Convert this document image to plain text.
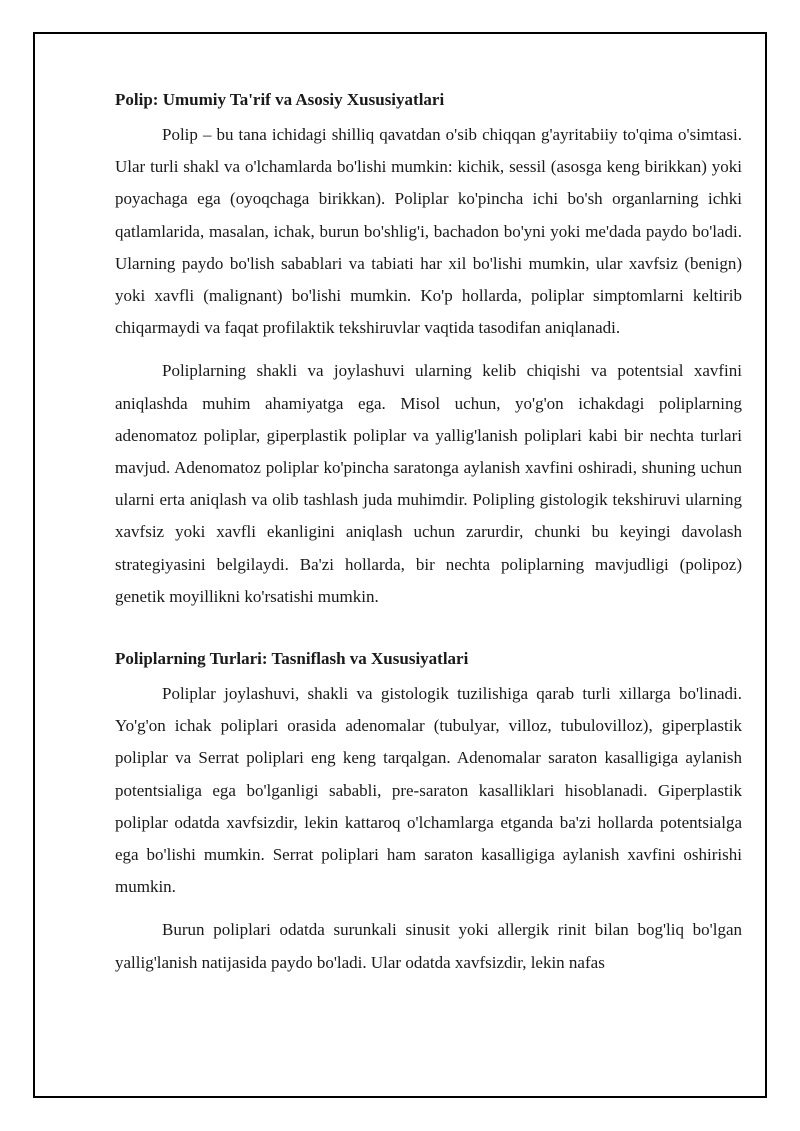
Polip: Umumiy Ta'rif va Asosiy Xususiyatlari

Polip – bu tana ichidagi shilliq qavatdan o'sib chiqqan g'ayritabiiy to'qima o'simtasi. Ular turli shakl va o'lchamlarda bo'lishi mumkin: kichik, sessil (asosga keng birikkan) yoki poyachaga ega (oyoqchaga birikkan). Poliplar ko'pincha ichi bo'sh organlarning ichki qatlamlarida, masalan, ichak, burun bo'shlig'i, bachadon bo'yni yoki me'dada paydo bo'ladi. Ularning paydo bo'lish sabablari va tabiati har xil bo'lishi mumkin, ular xavfsiz (benign) yoki xavfli (malignant) bo'lishi mumkin. Ko'p hollarda, poliplar simptomlarni keltirib chiqarmaydi va faqat profilaktik tekshiruvlar vaqtida tasodifan aniqlanadi.

Poliplarning shakli va joylashuvi ularning kelib chiqishi va potentsial xavfini aniqlashda muhim ahamiyatga ega. Misol uchun, yo'g'on ichakdagi poliplarning adenomatoz poliplar, giperplastik poliplar va yallig'lanish poliplari kabi bir nechta turlari mavjud. Adenomatoz poliplar ko'pincha saratonga aylanish xavfini oshiradi, shuning uchun ularni erta aniqlash va olib tashlash juda muhimdir. Polipling gistologik tekshiruvi ularning xavfsiz yoki xavfli ekanligini aniqlash uchun zarurdir, chunki bu keyingi davolash strategiyasini belgilaydi. Ba'zi hollarda, bir nechta poliplarning mavjudligi (polipoz) genetik moyillikni ko'rsatishi mumkin.

Poliplarning Turlari: Tasniflash va Xususiyatlari

Poliplar joylashuvi, shakli va gistologik tuzilishiga qarab turli xillarga bo'linadi. Yo'g'on ichak poliplari orasida adenomalar (tubulyar, villoz, tubulovilloz), giperplastik poliplar va Serrat poliplari eng keng tarqalgan. Adenomalar saraton kasalligiga aylanish potentsialiga ega bo'lganligi sababli, pre-saraton kasalliklari hisoblanadi. Giperplastik poliplar odatda xavfsizdir, lekin kattaroq o'lchamlarga etganda ba'zi hollarda potentsialga ega bo'lishi mumkin. Serrat poliplari ham saraton kasalligiga aylanish xavfini oshirishi mumkin.

Burun poliplari odatda surunkali sinusit yoki allergik rinit bilan bog'liq bo'lgan yallig'lanish natijasida paydo bo'ladi. Ular odatda xavfsizdir, lekin nafas
